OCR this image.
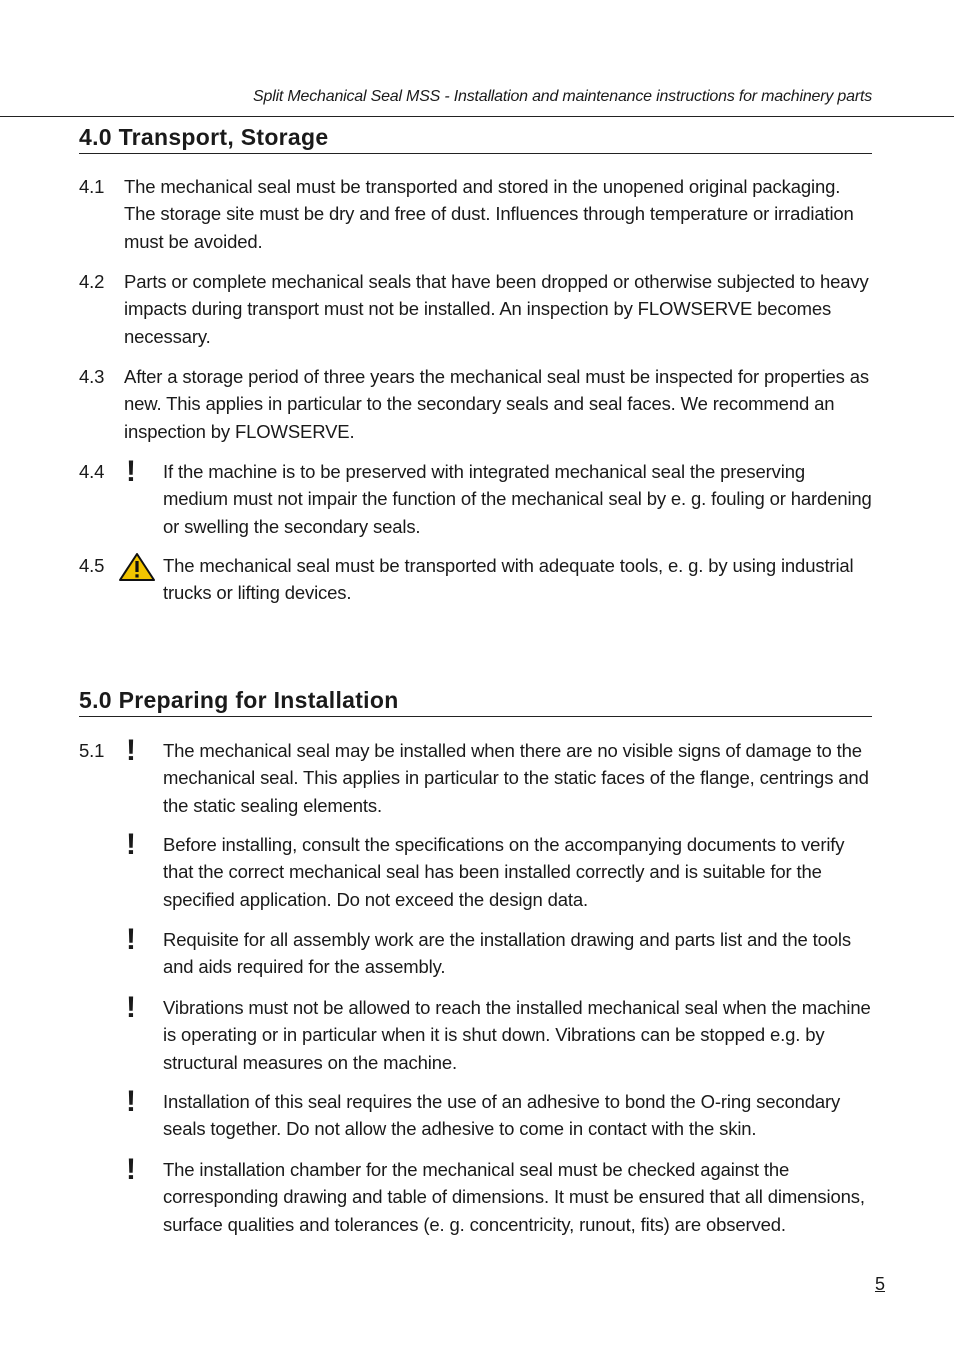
Split Mechanical Seal MSS - Installation and maintenance instructions for machinery parts
4.0 Transport, Storage
4.1 The mechanical seal must be transported and stored in the unopened original packaging. The storage site must be dry and free of dust. Influences through temperature or irradiation must be avoided.
4.2 Parts or complete mechanical seals that have been dropped or otherwise subjected to heavy impacts during transport must not be installed. An inspection by FLOWSERVE becomes necessary.
4.3 After a storage period of three years the mechanical seal must be inspected for properties as new. This applies in particular to the secondary seals and seal faces. We recommend an inspection by FLOWSERVE.
4.4 ! If the machine is to be preserved with integrated mechanical seal the preserving medium must not impair the function of the mechanical seal by e. g. fouling or hardening or swelling the secondary seals.
4.5	The mechanical seal must be transported with adequate tools, e. g. by using industrial trucks or lifting devices.
5.0 Preparing for Installation
5.1 ! The mechanical seal may be installed when there are no visible signs of damage to the mechanical seal. This applies in particular to the static faces of the flange, centrings and the static sealing elements.
! Before installing, consult the specifications on the accompanying documents to verify that the correct mechanical seal has been installed correctly and is suitable for the specified application. Do not exceed the design data.
! Requisite for all assembly work are the installation drawing and parts list and the tools and aids required for the assembly.
! Vibrations must not be allowed to reach the installed mechanical seal when the machine is operating or in particular when it is shut down. Vibrations can be stopped e.g. by structural measures on the machine.
! Installation of this seal requires the use of an adhesive to bond the O-ring secondary seals together. Do not allow the adhesive to come in contact with the skin.
! The installation chamber for the mechanical seal must be checked against the corresponding drawing and table of dimensions. It must be ensured that all dimensions, surface qualities and tolerances (e. g. concentricity, runout, fits) are observed.
5
